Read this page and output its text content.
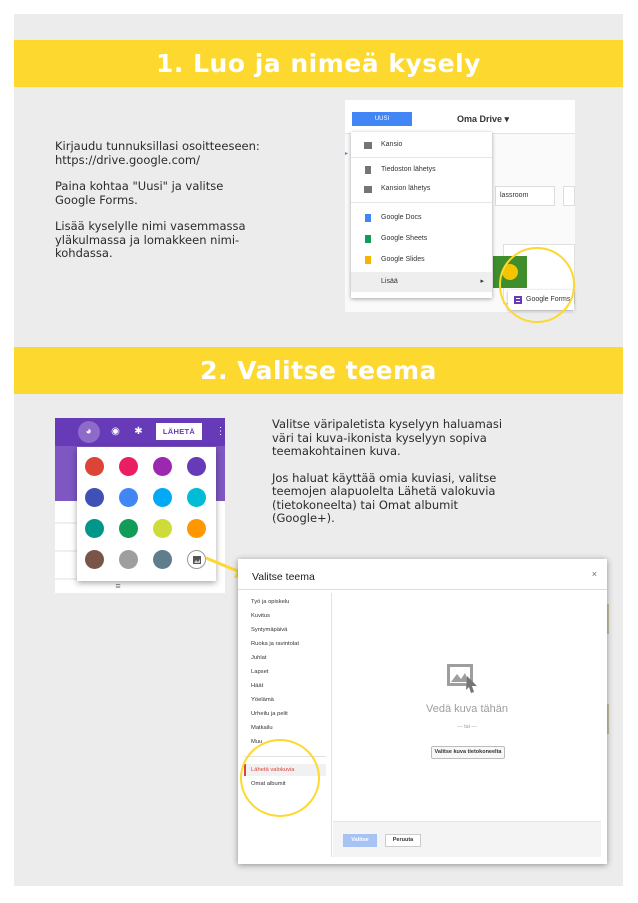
1. Luo ja nimeä kysely
Kirjaudu tunnuksillasi osoitteeseen:
https://drive.google.com/
Paina kohtaa "Uusi" ja valitse
Google Forms.
Lisää kyselylle nimi vasemmassa
yläkulmassa ja lomakkeen nimi-
kohdassa.
UUSI	Oma Drive ▾
▸
lassroom
Kansio
Tiedoston lähetys
Kansion lähetys
Google Docs
Google Sheets
Google Slides
Lisää	▸
Google Forms
2. Valitse teema
Valitse väripaletista kyselyyn haluamasi
väri tai kuva-ikonista kyselyyn sopiva
teemakohtainen kuva.
Jos haluat käyttää omia kuviasi, valitse
teemojen alapuolelta Lähetä valokuvia
(tietokoneelta) tai Omat albumit
(Google+).
◕ ◉ ✱	LÄHETÄ	⋮
≡
Valitse teema	×
Työ ja opiskelu
Kuvitus
Syntymäpäivä
Ruoka ja ravintolat
Juhlat
Lapset
Häät
Yöelämä
Urheilu ja pelit
Matkailu
Muu
Lähetä valokuvia
Omat albumit
Vedä kuva tähän
— tai —
Valitse kuva tietokoneelta
Valitse	Peruuta
